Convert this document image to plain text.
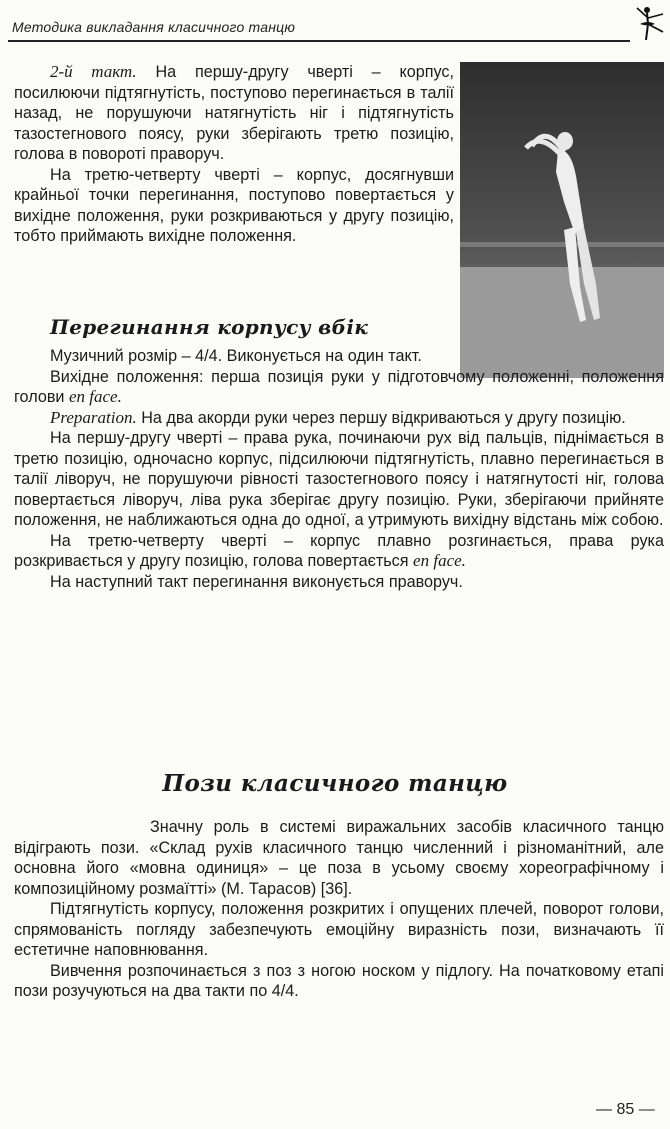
Методика викладання класичного танцю

2-й такт. На першу-другу чверті – корпус, посилюючи підтягнутість, поступово перегинається в талії назад, не порушуючи натягнутість ніг і підтягнутість тазостегнового поясу, руки зберігають третю позицію, голова в повороті праворуч.

На третю-четверту чверті – корпус, досягнувши крайньої точки перегинання, поступово повертається у вихідне положення, руки розкриваються у другу позицію, тобто приймають вихідне положення.

Перегинання корпусу вбік

Музичний розмір – 4/4. Виконується на один такт.

Вихідне положення: перша позиція руки у підготовчому положенні, положення голови en face.

Preparation. На два акорди руки через першу відкриваються у другу позицію.

На першу-другу чверті – права рука, починаючи рух від пальців, піднімається в третю позицію, одночасно корпус, підсилюючи підтягнутість, плавно перегинається в талії ліворуч, не порушуючи рівності тазостегнового поясу і натягнутості ніг, голова повертається ліворуч, ліва рука зберігає другу позицію. Руки, зберігаючи прийняте положення, не наближаються одна до одної, а утримують вихідну відстань між собою.

На третю-четверту чверті – корпус плавно розгинається, права рука розкривається у другу позицію, голова повертається en face.

На наступний такт перегинання виконується праворуч.

Пози класичного танцю

Значну роль в системі виражальних засобів класичного танцю відіграють пози. «Склад рухів класичного танцю численний і різноманітний, але основна його «мовна одиниця» – це поза в усьому своєму хореографічному і композиційному розмаїтті» (М. Тарасов) [36].

Підтягнутість корпусу, положення розкритих і опущених плечей, поворот голови, спрямованість погляду забезпечують емоційну виразність пози, визначають її естетичне наповнювання.

Вивчення розпочинається з поз з ногою носком у підлогу. На початковому етапі пози розучуються на два такти по 4/4.

— 85 —
